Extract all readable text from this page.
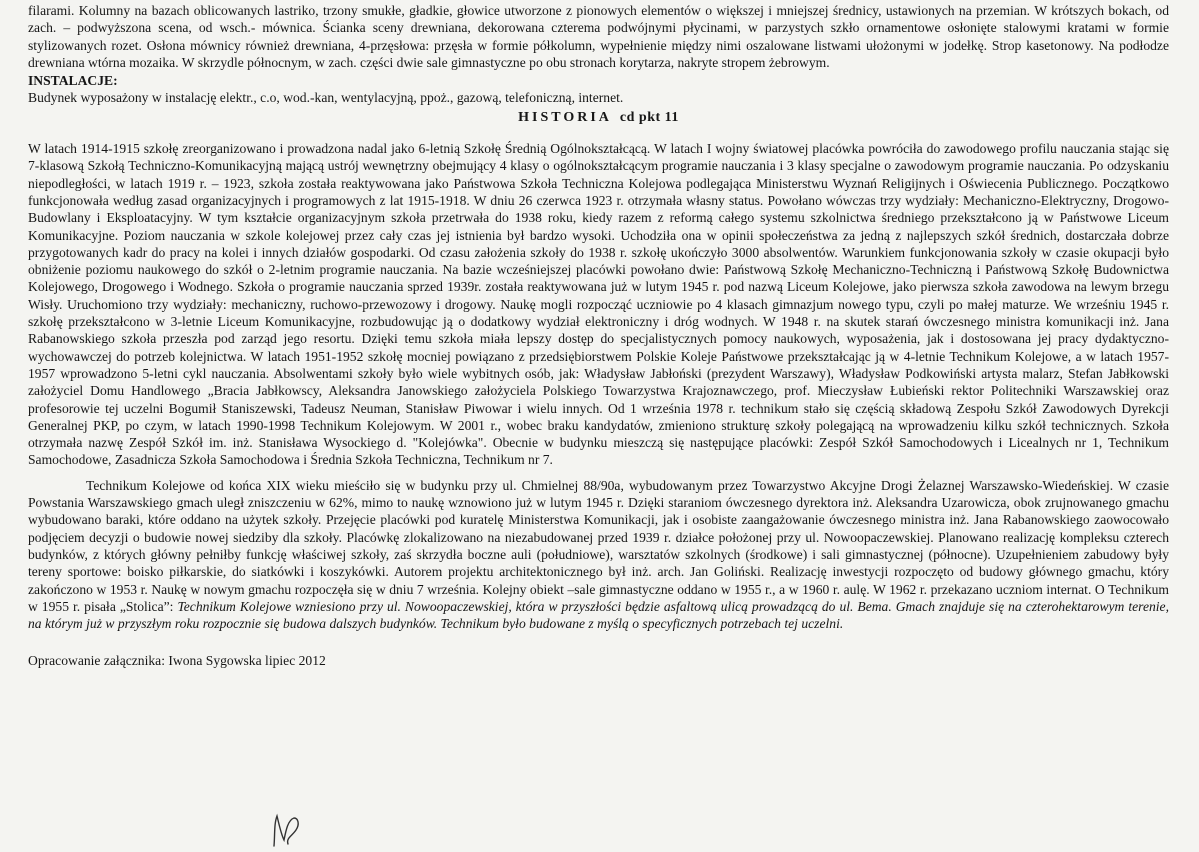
filarami. Kolumny na bazach oblicowanych lastriko, trzony smukłe, gładkie, głowice utworzone z pionowych elementów o większej i mniejszej średnicy, ustawionych na przemian. W krótszych bokach, od zach. – podwyższona scena, od wsch.- mównica. Ścianka sceny drewniana, dekorowana czterema podwójnymi płycinami, w parzystych szkło ornamentowe osłonięte stalowymi kratami w formie stylizowanych rozet. Osłona mównicy również drewniana, 4-przęsłowa: przęsła w formie półkolumn, wypełnienie między nimi oszalowane listwami ułożonymi w jodełkę. Strop kasetonowy. Na podłodze drewniana wtórna mozaika. W skrzydle północnym, w zach. części dwie sale gimnastyczne po obu stronach korytarza, nakryte stropem żebrowym.

INSTALACJE:

Budynek wyposażony w instalację elektr., c.o, wod.-kan, wentylacyjną, ppoż., gazową, telefoniczną, internet.

HISTORIA cd pkt 11

W latach 1914-1915 szkołę zreorganizowano i prowadzona nadal jako 6-letnią Szkołę Średnią Ogólnokształcącą. W latach I wojny światowej placówka powróciła do zawodowego profilu nauczania stając się 7-klasową Szkołą Techniczno-Komunikacyjną mającą ustrój wewnętrzny obejmujący 4 klasy o ogólnokształcącym programie nauczania i 3 klasy specjalne o zawodowym programie nauczania. Po odzyskaniu niepodległości, w latach 1919 r. – 1923, szkoła została reaktywowana jako Państwowa Szkoła Techniczna Kolejowa podlegająca Ministerstwu Wyznań Religijnych i Oświecenia Publicznego. Początkowo funkcjonowała według zasad organizacyjnych i programowych z lat 1915-1918. W dniu 26 czerwca 1923 r. otrzymała własny status. Powołano wówczas trzy wydziały: Mechaniczno-Elektryczny, Drogowo-Budowlany i Eksploatacyjny. W tym kształcie organizacyjnym szkoła przetrwała do 1938 roku, kiedy razem z reformą całego systemu szkolnictwa średniego przekształcono ją w Państwowe Liceum Komunikacyjne. Poziom nauczania w szkole kolejowej przez cały czas jej istnienia był bardzo wysoki. Uchodziła ona w opinii społeczeństwa za jedną z najlepszych szkół średnich, dostarczała dobrze przygotowanych kadr do pracy na kolei i innych działów gospodarki. Od czasu założenia szkoły do 1938 r. szkołę ukończyło 3000 absolwentów. Warunkiem funkcjonowania szkoły w czasie okupacji było obniżenie poziomu naukowego do szkół o 2-letnim programie nauczania. Na bazie wcześniejszej placówki powołano dwie: Państwową Szkołę Mechaniczno-Techniczną i Państwową Szkołę Budownictwa Kolejowego, Drogowego i Wodnego. Szkoła o programie nauczania sprzed 1939r. została reaktywowana już w lutym 1945 r. pod nazwą Liceum Kolejowe, jako pierwsza szkoła zawodowa na lewym brzegu Wisły. Uruchomiono trzy wydziały: mechaniczny, ruchowo-przewozowy i drogowy. Naukę mogli rozpocząć uczniowie po 4 klasach gimnazjum nowego typu, czyli po małej maturze. We wrześniu 1945 r. szkołę przekształcono w 3-letnie Liceum Komunikacyjne, rozbudowując ją o dodatkowy wydział elektroniczny i dróg wodnych. W 1948 r. na skutek starań ówczesnego ministra komunikacji inż. Jana Rabanowskiego szkoła przeszła pod zarząd jego resortu. Dzięki temu szkoła miała lepszy dostęp do specjalistycznych pomocy naukowych, wyposażenia, jak i dostosowana jej pracy dydaktyczno-wychowawczej do potrzeb kolejnictwa. W latach 1951-1952 szkołę mocniej powiązano z przedsiębiorstwem Polskie Koleje Państwowe przekształcając ją w 4-letnie Technikum Kolejowe, a w latach 1957-1957 wprowadzono 5-letni cykl nauczania. Absolwentami szkoły było wiele wybitnych osób, jak: Władysław Jabłoński (prezydent Warszawy), Władysław Podkowiński artysta malarz, Stefan Jabłkowski założyciel Domu Handlowego „Bracia Jabłkowscy, Aleksandra Janowskiego założyciela Polskiego Towarzystwa Krajoznawczego, prof. Mieczysław Łubieński rektor Politechniki Warszawskiej oraz profesorowie tej uczelni Bogumił Staniszewski, Tadeusz Neuman, Stanisław Piwowar i wielu innych. Od 1 września 1978 r. technikum stało się częścią składową Zespołu Szkół Zawodowych Dyrekcji Generalnej PKP, po czym, w latach 1990-1998 Technikum Kolejowym. W 2001 r., wobec braku kandydatów, zmieniono strukturę szkoły polegającą na wprowadzeniu kilku szkół technicznych. Szkoła otrzymała nazwę Zespół Szkół im. inż. Stanisława Wysockiego d. "Kolejówka". Obecnie w budynku mieszczą się następujące placówki: Zespół Szkół Samochodowych i Licealnych nr 1, Technikum Samochodowe, Zasadnicza Szkoła Samochodowa i Średnia Szkoła Techniczna, Technikum nr 7.

Technikum Kolejowe od końca XIX wieku mieściło się w budynku przy ul. Chmielnej 88/90a, wybudowanym przez Towarzystwo Akcyjne Drogi Żelaznej Warszawsko-Wiedeńskiej. W czasie Powstania Warszawskiego gmach uległ zniszczeniu w 62%, mimo to naukę wznowiono już w lutym 1945 r. Dzięki staraniom ówczesnego dyrektora inż. Aleksandra Uzarowicza, obok zrujnowanego gmachu wybudowano baraki, które oddano na użytek szkoły. Przejęcie placówki pod kuratelę Ministerstwa Komunikacji, jak i osobiste zaangażowanie ówczesnego ministra inż. Jana Rabanowskiego zaowocowało podjęciem decyzji o budowie nowej siedziby dla szkoły. Placówkę zlokalizowano na niezabudowanej przed 1939 r. działce położonej przy ul. Nowoopaczewskiej. Planowano realizację kompleksu czterech budynków, z których główny pełniłby funkcję właściwej szkoły, zaś skrzydła boczne auli (południowe), warsztatów szkolnych (środkowe) i sali gimnastycznej (północne). Uzupełnieniem zabudowy były tereny sportowe: boisko piłkarskie, do siatkówki i koszykówki. Autorem projektu architektonicznego był inż. arch. Jan Goliński. Realizację inwestycji rozpoczęto od budowy głównego gmachu, który zakończono w 1953 r. Naukę w nowym gmachu rozpoczęła się w dniu 7 września. Kolejny obiekt –sale gimnastyczne oddano w 1955 r., a w 1960 r. aulę. W 1962 r. przekazano uczniom internat. O Technikum w 1955 r. pisała „Stolica”: Technikum Kolejowe wzniesiono przy ul. Nowoopaczewskiej, która w przyszłości będzie asfaltową ulicą prowadzącą do ul. Bema. Gmach znajduje się na czterohektarowym terenie, na którym już w przyszłym roku rozpocznie się budowa dalszych budynków. Technikum było budowane z myślą o specyficznych potrzebach tej uczelni.

Opracowanie załącznika: Iwona Sygowska lipiec 2012
